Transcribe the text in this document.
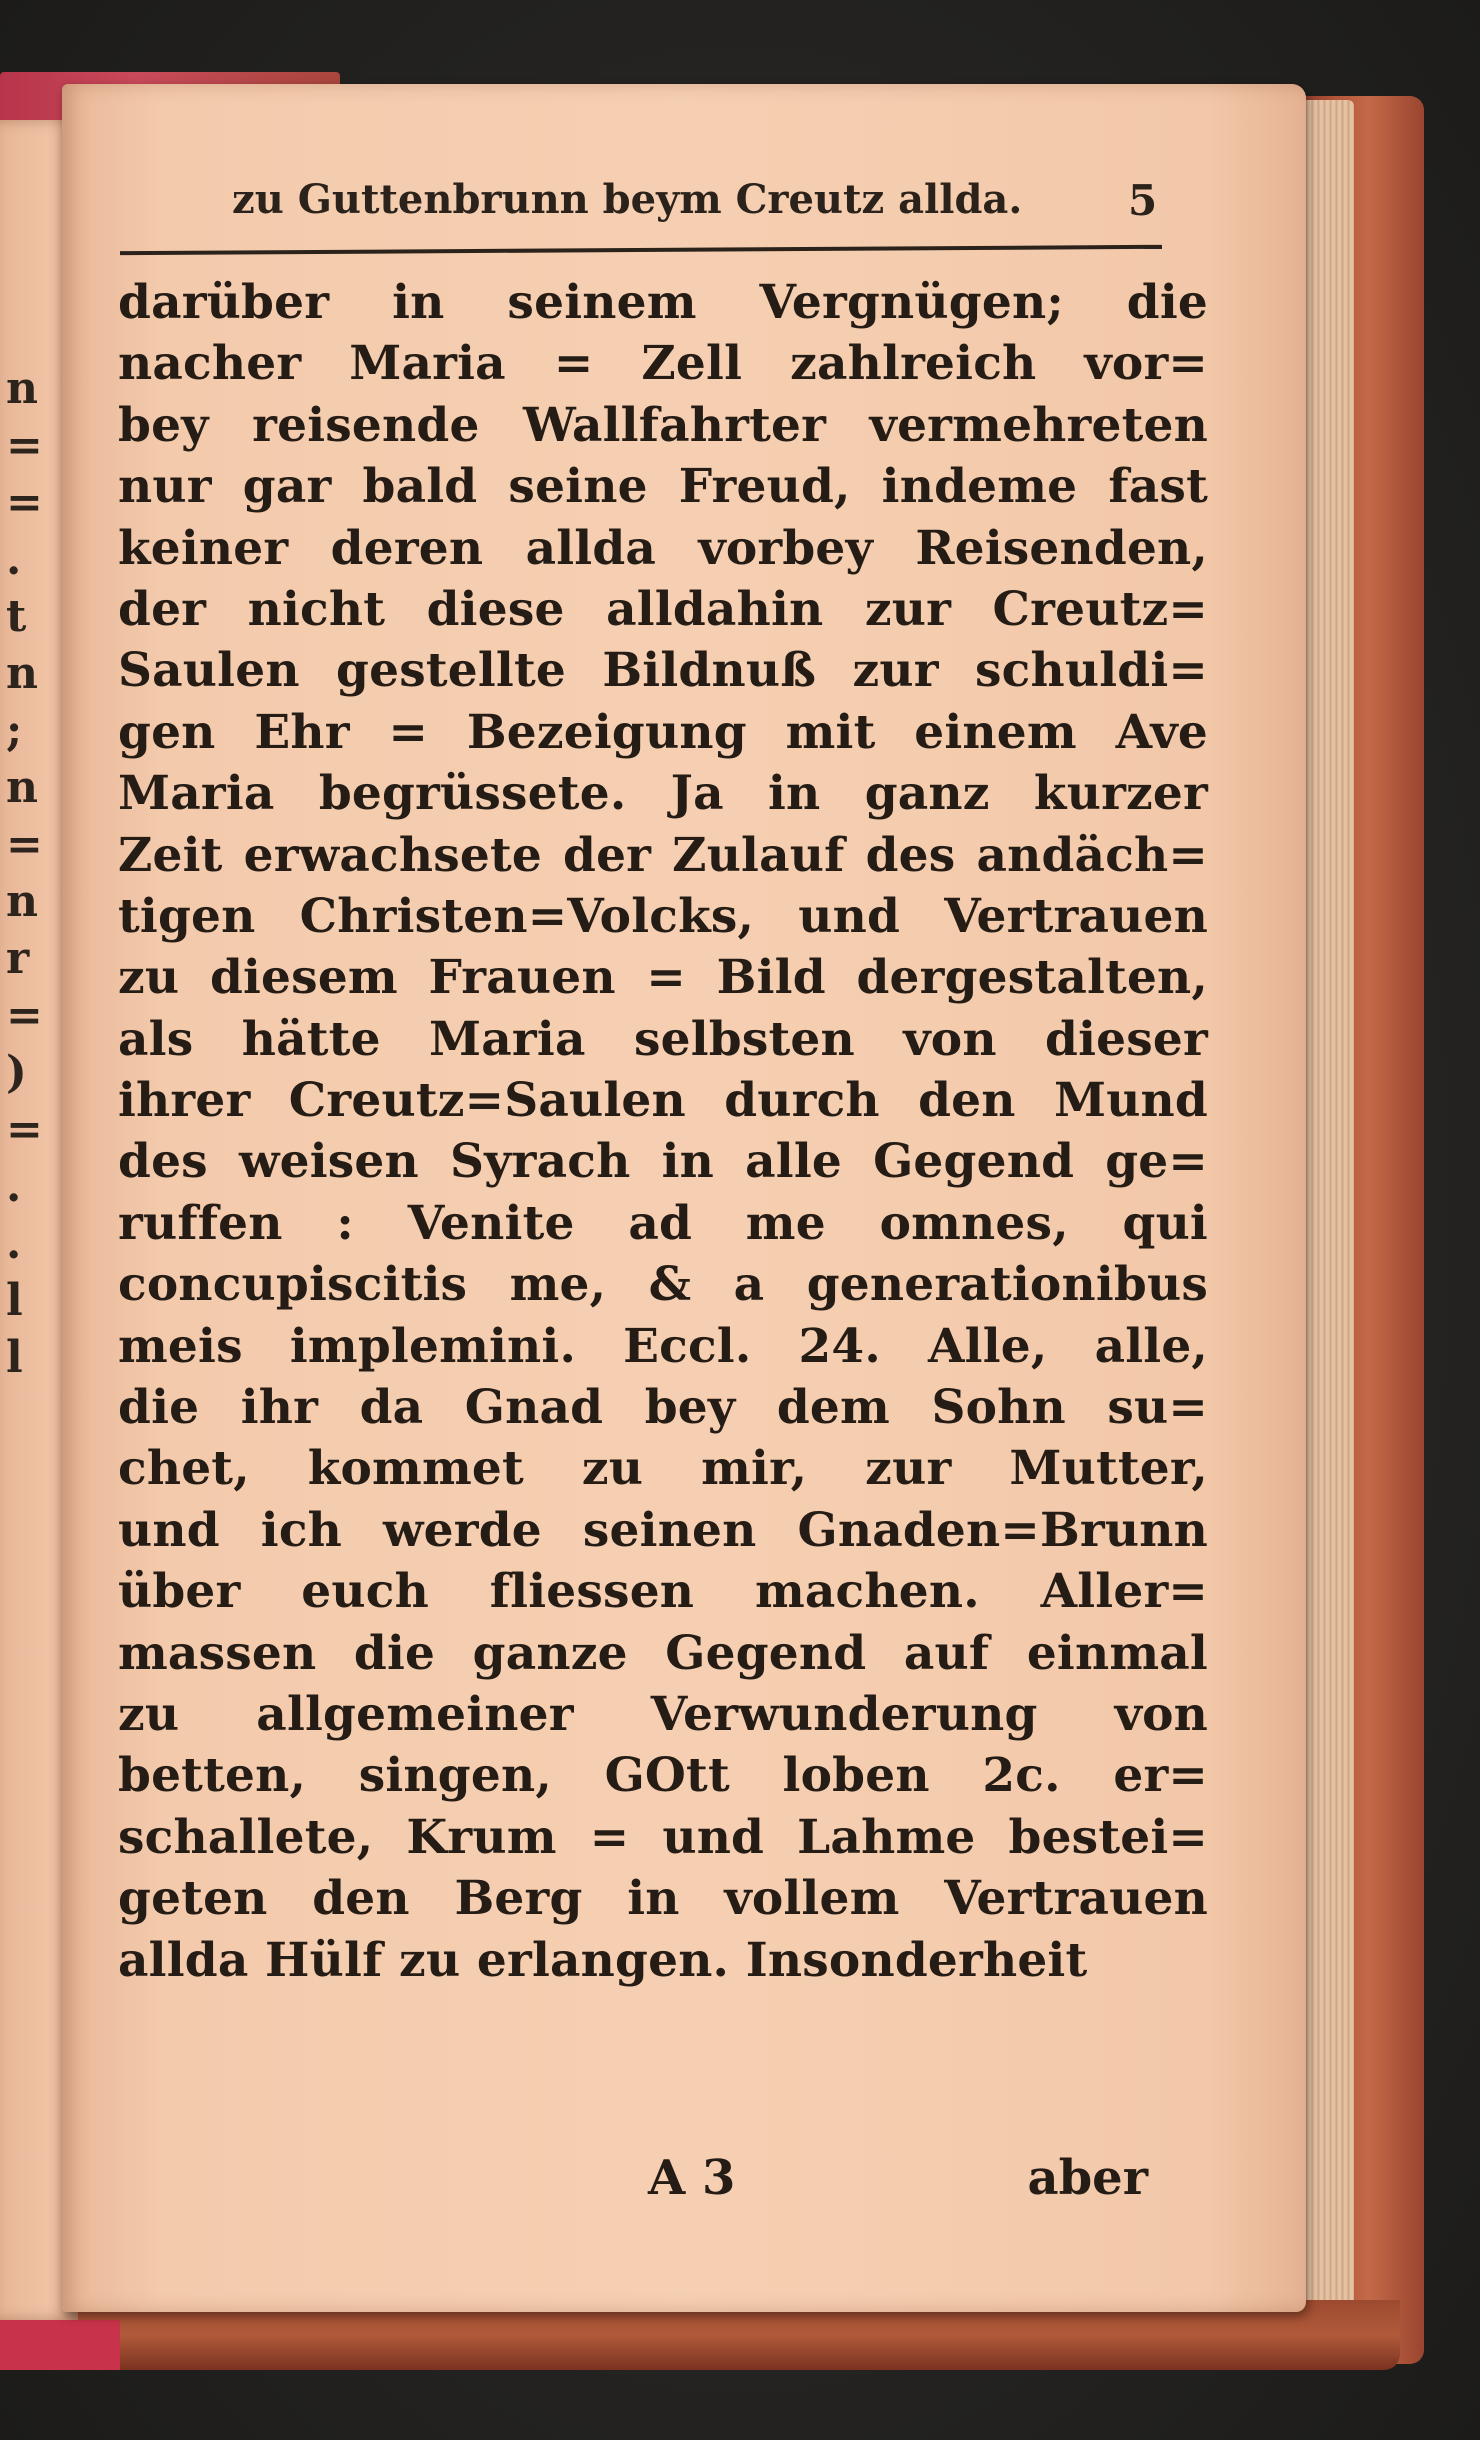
n
=
=
.
t
n
;
n
=
n
r
=
)
=
.
.
l
l
zu Guttenbrunn beym Creutz allda.	5
darüber in seinem Vergnügen; die
nacher Maria = Zell zahlreich vor=
bey reisende Wallfahrter vermehreten
nur gar bald seine Freud, indeme fast
keiner deren allda vorbey Reisenden,
der nicht diese alldahin zur Creutz=
Saulen gestellte Bildnuß zur schuldi=
gen Ehr = Bezeigung mit einem Ave
Maria begrüssete. Ja in ganz kurzer
Zeit erwachsete der Zulauf des andäch=
tigen Christen=Volcks, und Vertrauen
zu diesem Frauen = Bild dergestalten,
als hätte Maria selbsten von dieser
ihrer Creutz=Saulen durch den Mund
des weisen Syrach in alle Gegend ge=
ruffen : Venite ad me omnes, qui
concupiscitis me, & a generationibus
meis implemini. Eccl. 24. Alle, alle,
die ihr da Gnad bey dem Sohn su=
chet, kommet zu mir, zur Mutter,
und ich werde seinen Gnaden=Brunn
über euch fliessen machen. Aller=
massen die ganze Gegend auf einmal
zu allgemeiner Verwunderung von
betten, singen, GOtt loben 2c. er=
schallete, Krum = und Lahme bestei=
geten den Berg in vollem Vertrauen
allda Hülf zu erlangen. Insonderheit
A 3	aber
